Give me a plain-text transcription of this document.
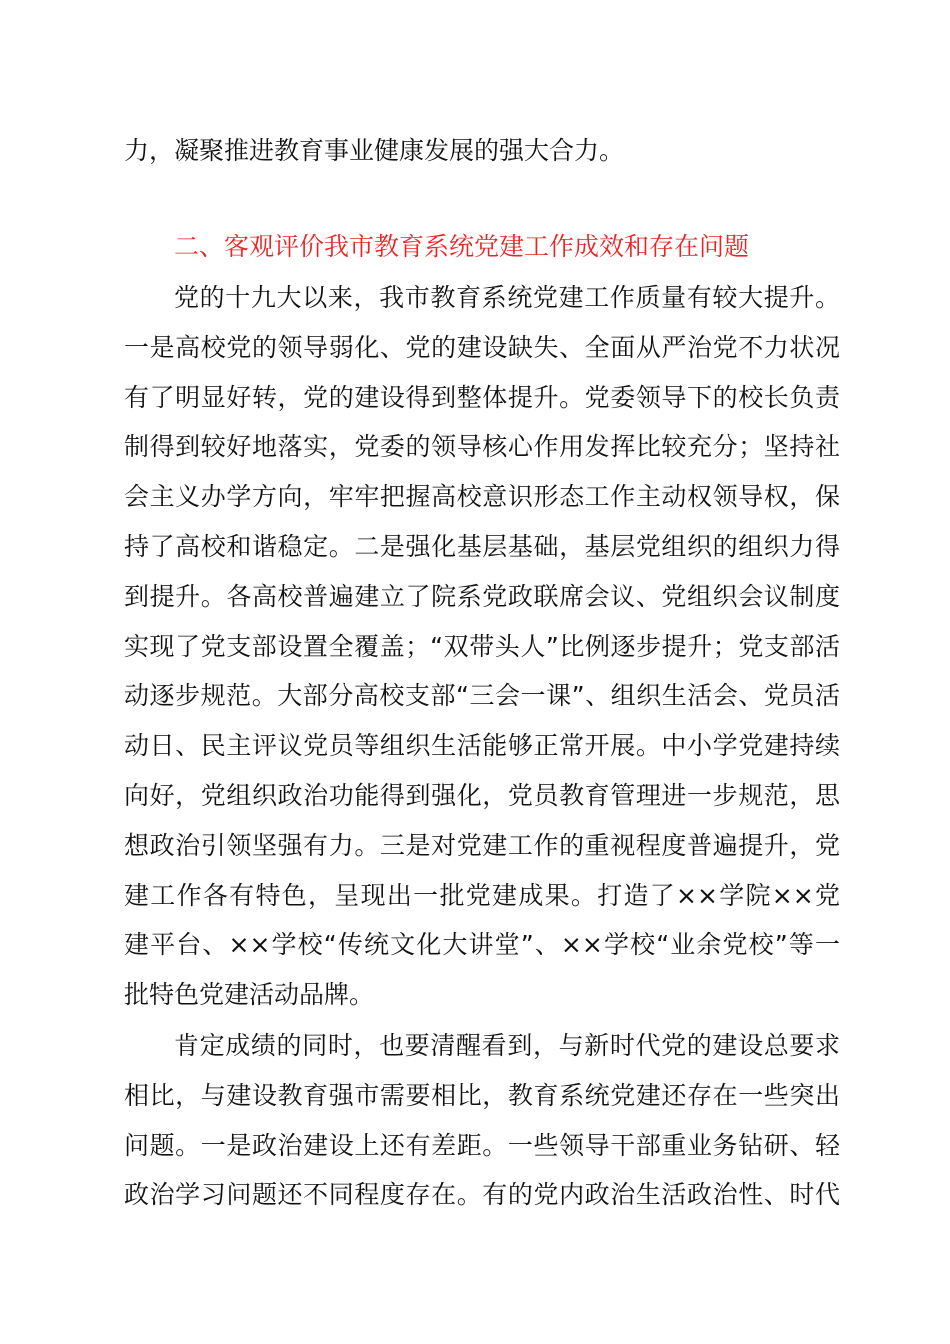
力，凝聚推进教育事业健康发展的强大合力。
二、客观评价我市教育系统党建工作成效和存在问题
党的十九大以来，我市教育系统党建工作质量有较大提升。
一是高校党的领导弱化、党的建设缺失、全面从严治党不力状况
有了明显好转，党的建设得到整体提升。党委领导下的校长负责
制得到较好地落实，党委的领导核心作用发挥比较充分；坚持社
会主义办学方向，牢牢把握高校意识形态工作主动权领导权，保
持了高校和谐稳定。二是强化基层基础，基层党组织的组织力得
到提升。各高校普遍建立了院系党政联席会议、党组织会议制度
实现了党支部设置全覆盖；“双带头人”比例逐步提升；党支部活
动逐步规范。大部分高校支部“三会一课”、组织生活会、党员活
动日、民主评议党员等组织生活能够正常开展。中小学党建持续
向好，党组织政治功能得到强化，党员教育管理进一步规范，思
想政治引领坚强有力。三是对党建工作的重视程度普遍提升，党
建工作各有特色，呈现出一批党建成果。打造了××学院××党
建平台、××学校“传统文化大讲堂”、××学校“业余党校”等一
批特色党建活动品牌。
肯定成绩的同时，也要清醒看到，与新时代党的建设总要求
相比，与建设教育强市需要相比，教育系统党建还存在一些突出
问题。一是政治建设上还有差距。一些领导干部重业务钻研、轻
政治学习问题还不同程度存在。有的党内政治生活政治性、时代
